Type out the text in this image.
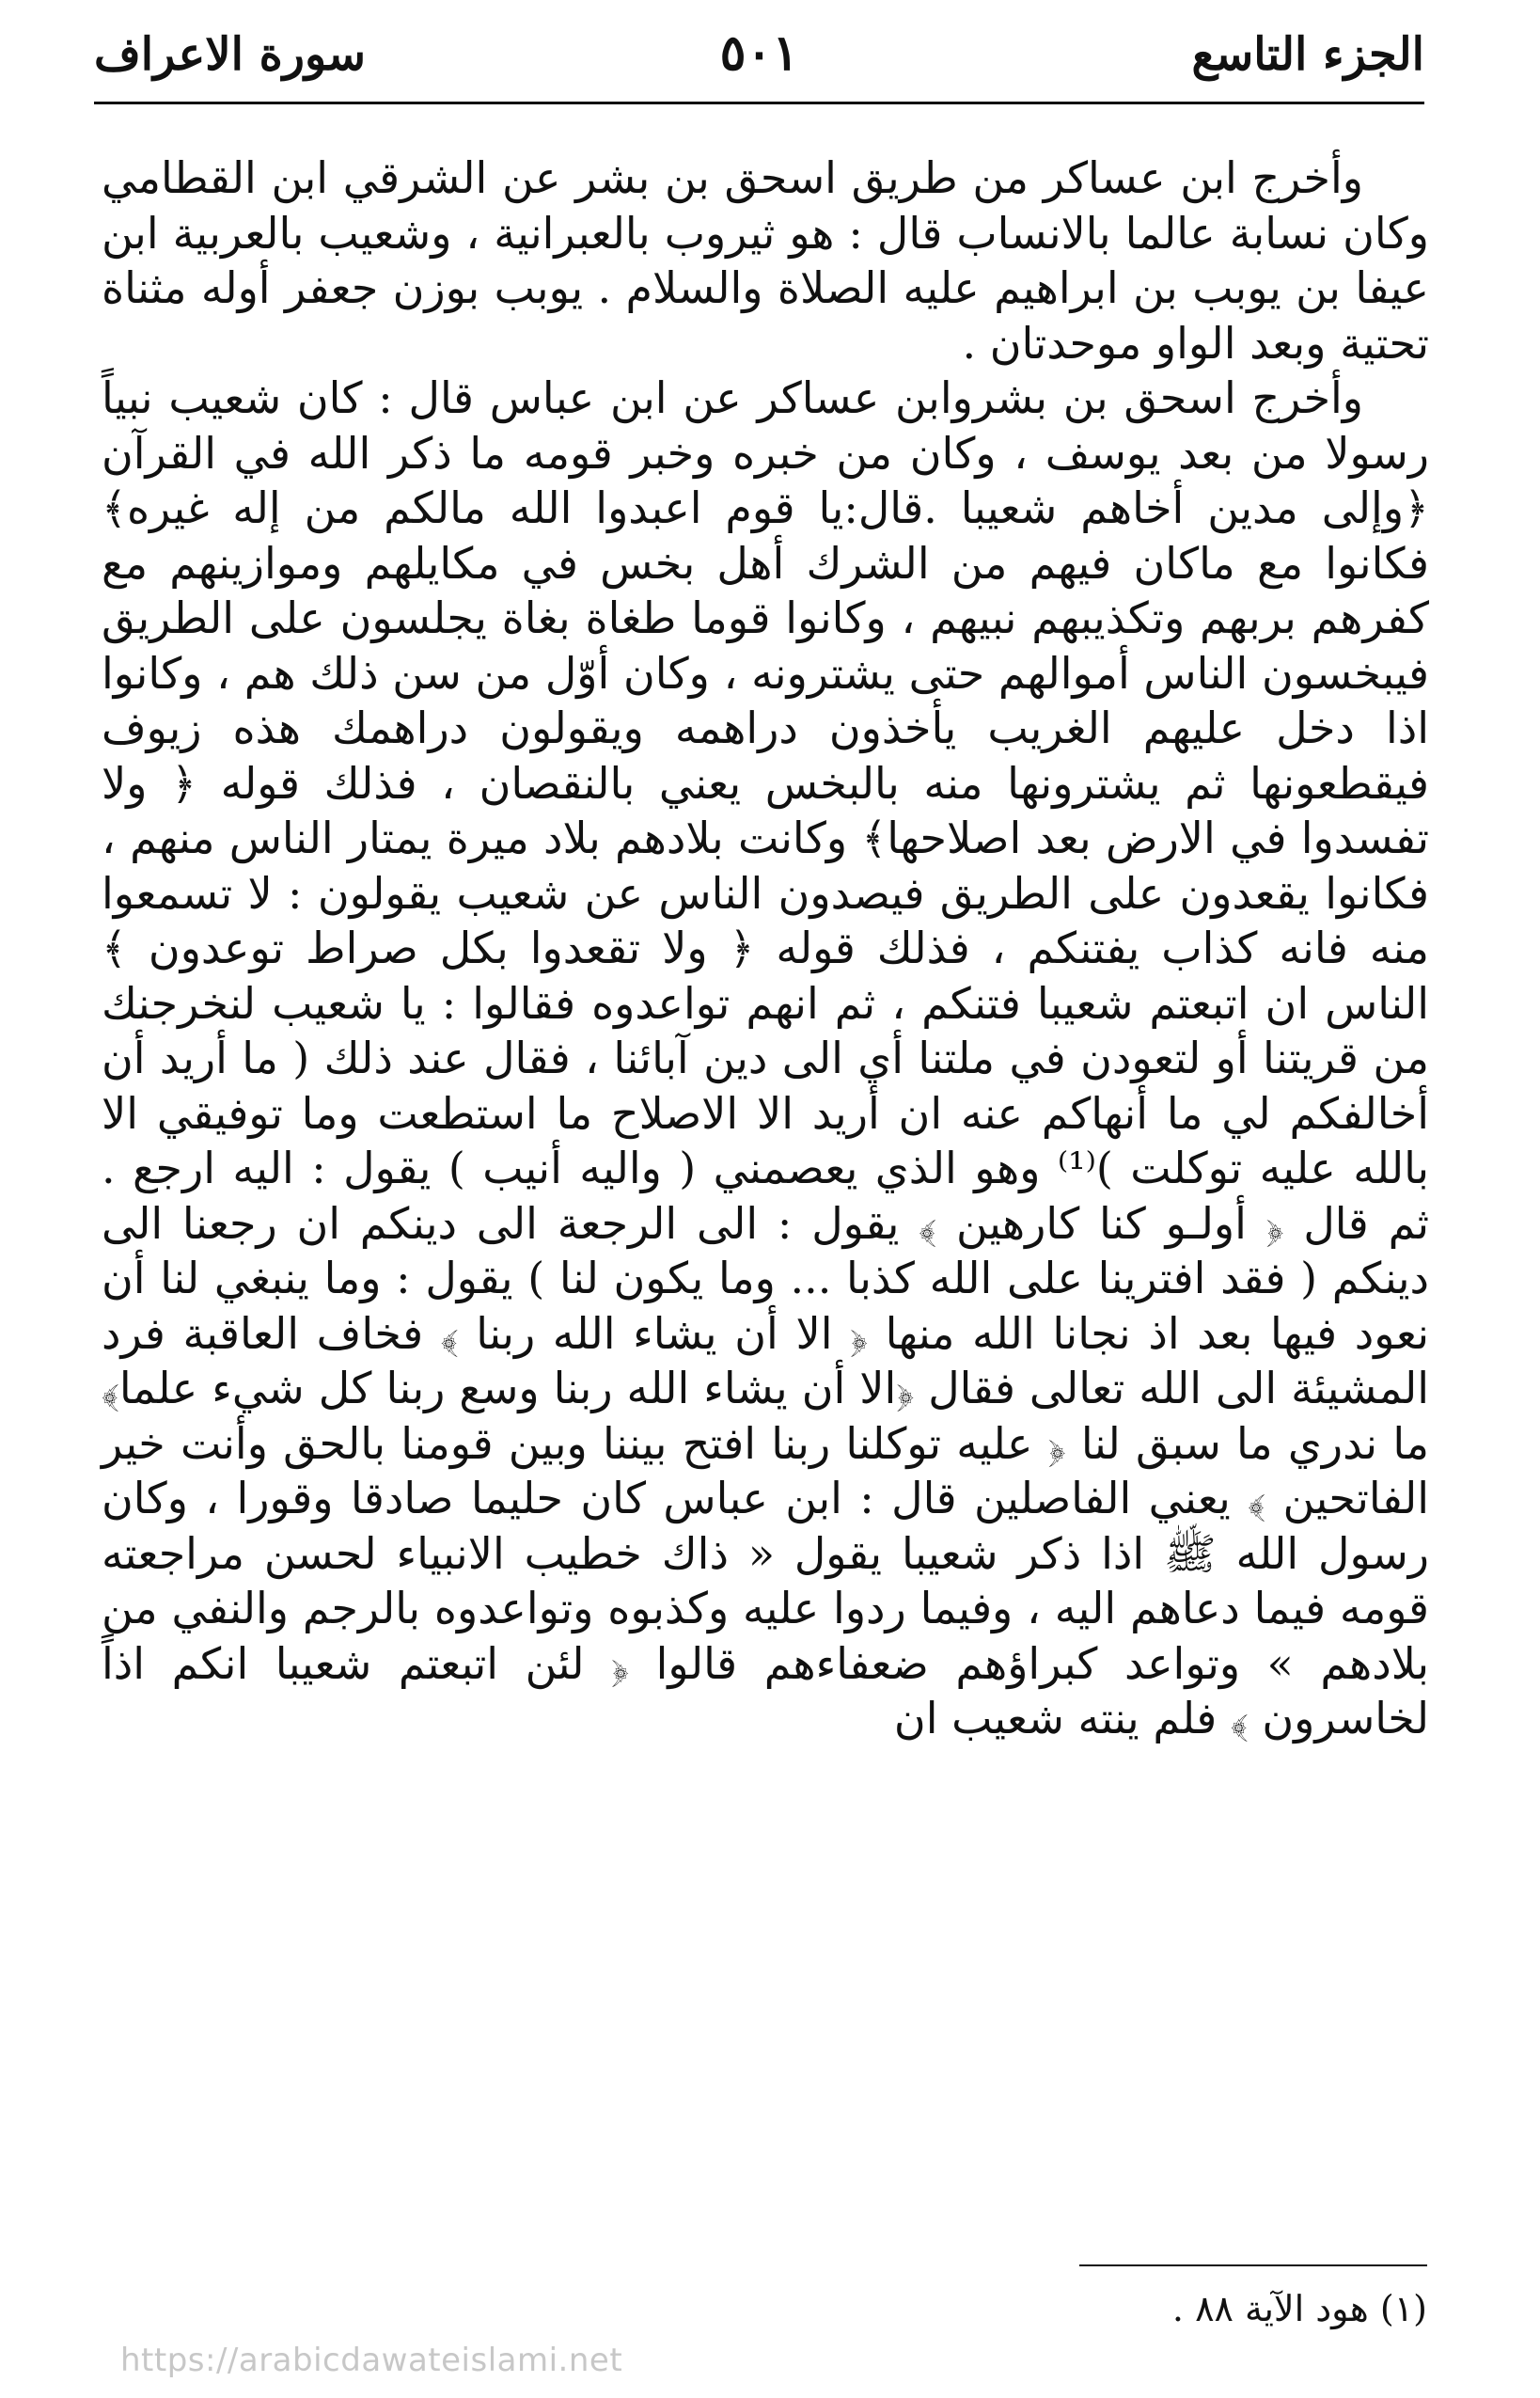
الجزء التاسع
٥٠١
سورة الاعراف

وأخرج ابن عساكر من طريق اسحق بن بشر عن الشرقي ابن القطامي وكان نسابة عالما بالانساب قال : هو ثيروب بالعبرانية ، وشعيب بالعربية ابن عيفا بن يوبب بن ابراهيم عليه الصلاة والسلام . يوبب بوزن جعفر أوله مثناة تحتية وبعد الواو موحدتان .

وأخرج اسحق بن بشروابن عساكر عن ابن عباس قال : كان شعيب نبياً رسولا من بعد يوسف ، وكان من خبره وخبر قومه ما ذكر الله في القرآن ﴿وإلى مدين أخاهم شعيبا .قال:يا قوم اعبدوا الله مالكم من إله غيره﴾ فكانوا مع ماكان فيهم من الشرك أهل بخس في مكايلهم وموازينهم مع كفرهم بربهم وتكذيبهم نبيهم ، وكانوا قوما طغاة بغاة يجلسون على الطريق فيبخسون الناس أموالهم حتى يشترونه ، وكان أوّل من سن ذلك هم ، وكانوا اذا دخل عليهم الغريب يأخذون دراهمه ويقولون دراهمك هذه زيوف فيقطعونها ثم يشترونها منه بالبخس يعني بالنقصان ، فذلك قوله ﴿ ولا تفسدوا في الارض بعد اصلاحها﴾ وكانت بلادهم بلاد ميرة يمتار الناس منهم ، فكانوا يقعدون على الطريق فيصدون الناس عن شعيب يقولون : لا تسمعوا منه فانه كذاب يفتنكم ، فذلك قوله ﴿ ولا تقعدوا بكل صراط توعدون ﴾ الناس ان اتبعتم شعيبا فتنكم ، ثم انهم تواعدوه فقالوا : يا شعيب لنخرجنك من قريتنا أو لتعودن في ملتنا أي الى دين آبائنا ، فقال عند ذلك ( ما أريد أن أخالفكم لي ما أنهاكم عنه ان أريد الا الاصلاح ما استطعت وما توفيقي الا بالله عليه توكلت )⁽¹⁾ وهو الذي يعصمني ( واليه أنيب ) يقول : اليه ارجع . ثم قال ﴿ أولـو كنا كارهين ﴾ يقول : الى الرجعة الى دينكم ان رجعنا الى دينكم ( فقد افترينا على الله كذبا ... وما يكون لنا ) يقول : وما ينبغي لنا أن نعود فيها بعد اذ نجانا الله منها ﴿ الا أن يشاء الله ربنا ﴾ فخاف العاقبة فرد المشيئة الى الله تعالى فقال ﴿الا أن يشاء الله ربنا وسع ربنا كل شيء علما﴾ ما ندري ما سبق لنا ﴿ عليه توكلنا ربنا افتح بيننا وبين قومنا بالحق وأنت خير الفاتحين ﴾ يعني الفاصلين قال : ابن عباس كان حليما صادقا وقورا ، وكان رسول الله ﷺ اذا ذكر شعيبا يقول « ذاك خطيب الانبياء لحسن مراجعته قومه فيما دعاهم اليه ، وفيما ردوا عليه وكذبوه وتواعدوه بالرجم والنفي من بلادهم » وتواعد كبراؤهم ضعفاءهم قالوا ﴿ لئن اتبعتم شعيبا انكم اذاً لخاسرون ﴾ فلم ينته شعيب ان

(١) هود الآية ٨٨ .
https://arabicdawateislami.net
